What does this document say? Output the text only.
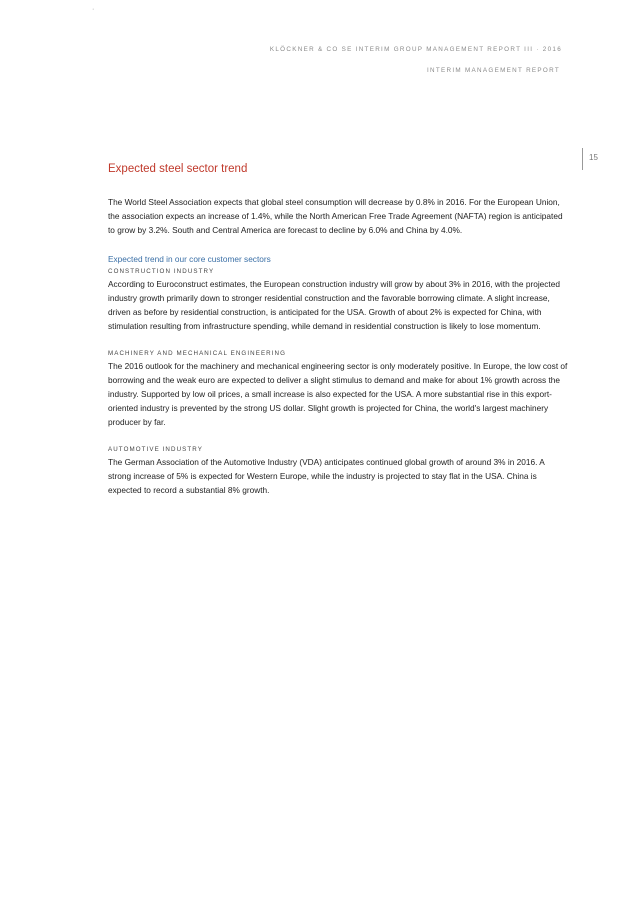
·
KLÖCKNER & CO SE INTERIM GROUP MANAGEMENT REPORT III · 2016
INTERIM MANAGEMENT REPORT
15
Expected steel sector trend

The World Steel Association expects that global steel consumption will decrease by 0.8% in 2016. For the European Union, the association expects an increase of 1.4%, while the North American Free Trade Agreement (NAFTA) region is anticipated to grow by 3.2%. South and Central America are forecast to decline by 6.0% and China by 4.0%.

Expected trend in our core customer sectors
CONSTRUCTION INDUSTRY

According to Euroconstruct estimates, the European construction industry will grow by about 3% in 2016, with the projected industry growth primarily down to stronger residential construction and the favorable borrowing climate. A slight increase, driven as before by residential construction, is anticipated for the USA. Growth of about 2% is expected for China, with stimulation resulting from infrastructure spending, while demand in residential construction is likely to lose momentum.

MACHINERY AND MECHANICAL ENGINEERING

The 2016 outlook for the machinery and mechanical engineering sector is only moderately positive. In Europe, the low cost of borrowing and the weak euro are expected to deliver a slight stimulus to demand and make for about 1% growth across the industry. Supported by low oil prices, a small increase is also expected for the USA. A more substantial rise in this export-oriented industry is prevented by the strong US dollar. Slight growth is projected for China, the world's largest machinery producer by far.

AUTOMOTIVE INDUSTRY

The German Association of the Automotive Industry (VDA) anticipates continued global growth of around 3% in 2016. A strong increase of 5% is expected for Western Europe, while the industry is projected to stay flat in the USA. China is expected to record a substantial 8% growth.
